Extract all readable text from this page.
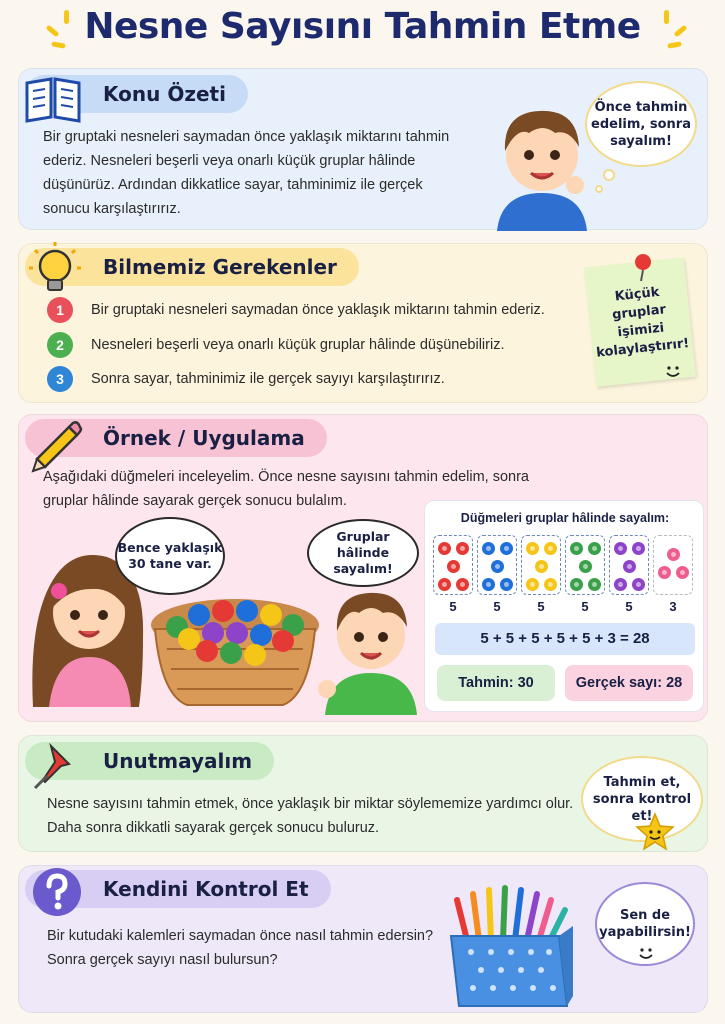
Nesne Sayısını Tahmin Etme
Konu Özeti
Bir gruptaki nesneleri saymadan önce yaklaşık miktarını tahmin ederiz. Nesneleri beşerli veya onarlı küçük gruplar hâlinde düşünürüz. Ardından dikkatlice sayar, tahminimiz ile gerçek sonucu karşılaştırırız.
Önce tahmin edelim, sonra sayalım!
Bilmemiz Gerekenler
1	Bir gruptaki nesneleri saymadan önce yaklaşık miktarını tahmin ederiz.
2	Nesneleri beşerli veya onarlı küçük gruplar hâlinde düşünebiliriz.
3	Sonra sayar, tahminimiz ile gerçek sayıyı karşılaştırırız.
Küçük gruplar işimizi kolaylaştırır!
Örnek / Uygulama
Aşağıdaki düğmeleri inceleyelim. Önce nesne sayısını tahmin edelim, sonra gruplar hâlinde sayarak gerçek sonucu bulalım.
Bence yaklaşık 30 tane var.
Gruplar hâlinde sayalım!
Düğmeleri gruplar hâlinde sayalım:
5	5	5	5	5	3
5 + 5 + 5 + 5 + 5 + 3 = 28
Tahmin: 30	Gerçek sayı: 28
Unutmayalım
Nesne sayısını tahmin etmek, önce yaklaşık bir miktar söylememize yardımcı olur. Daha sonra dikkatli sayarak gerçek sonucu buluruz.
Tahmin et, sonra kontrol et!
Kendini Kontrol Et
Bir kutudaki kalemleri saymadan önce nasıl tahmin edersin? Sonra gerçek sayıyı nasıl bulursun?
Sen de yapabilirsin!
